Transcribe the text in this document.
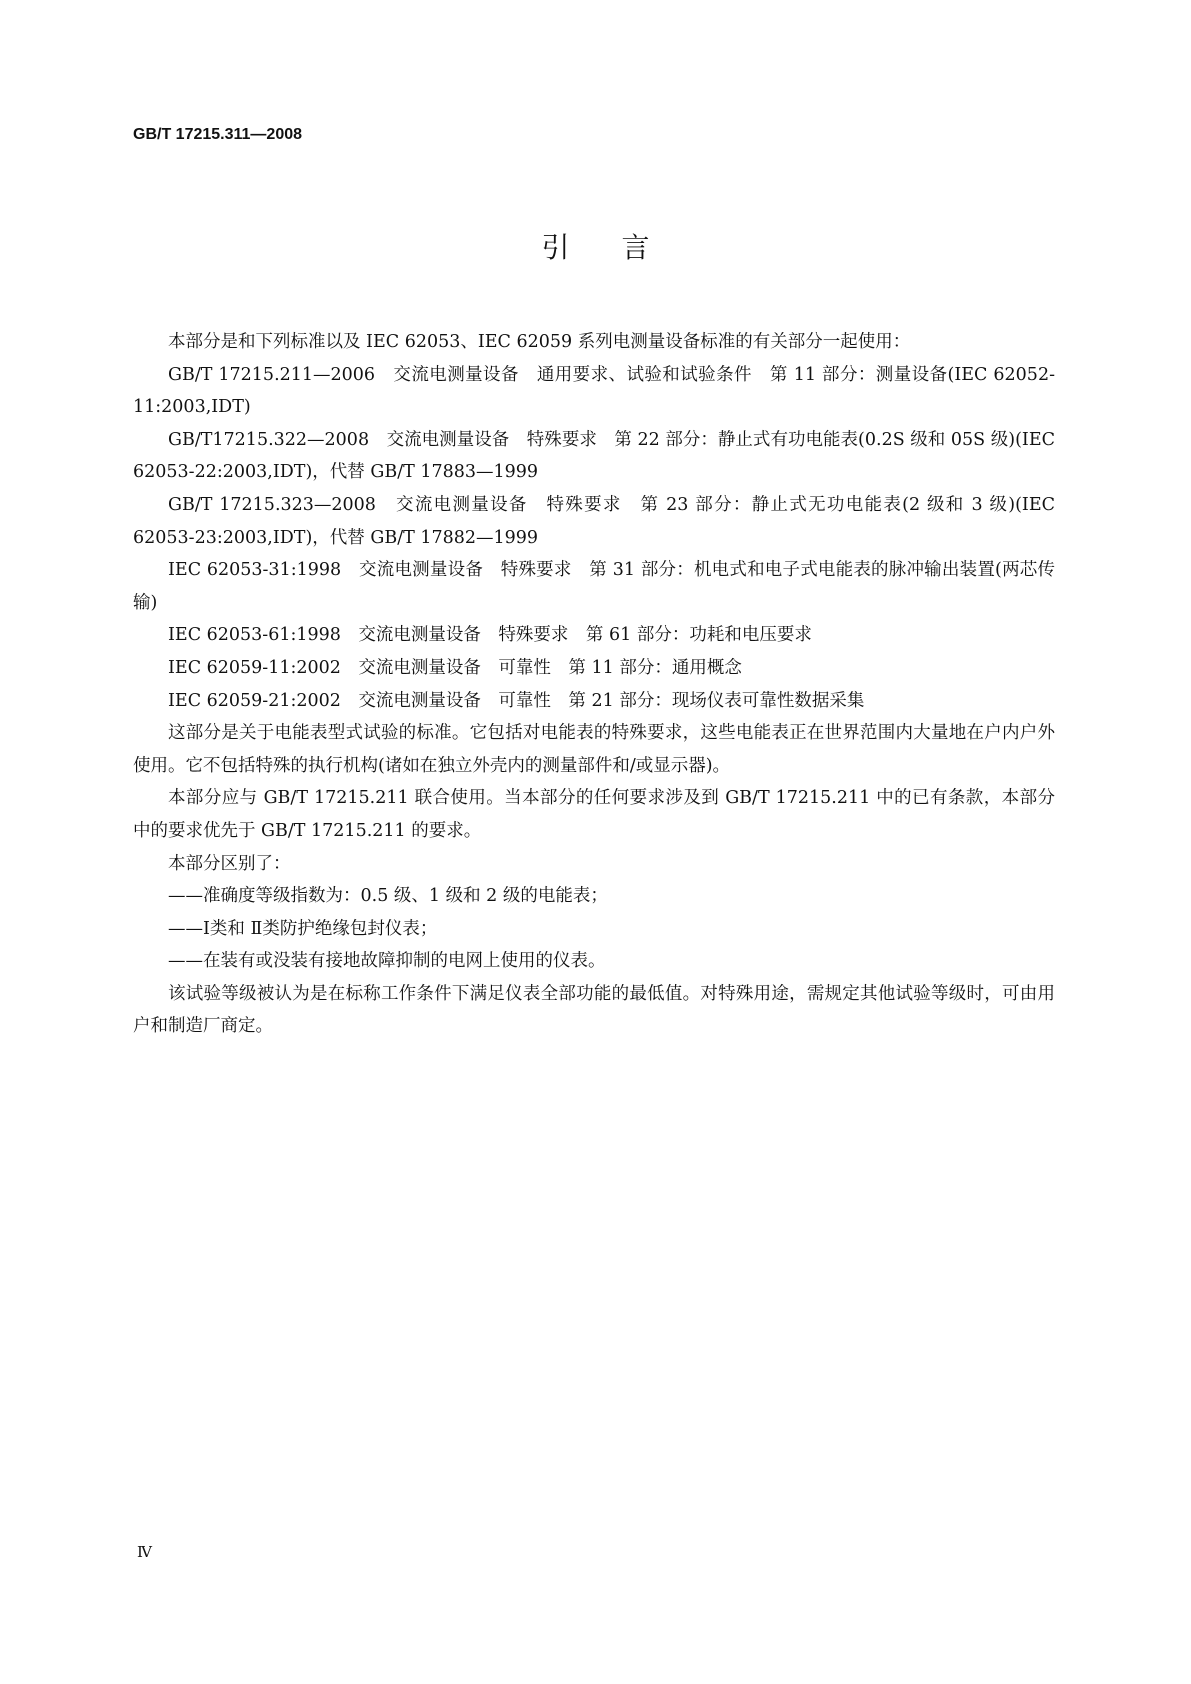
GB/T 17215.311—2008
引言

本部分是和下列标准以及 IEC 62053、IEC 62059 系列电测量设备标准的有关部分一起使用：

GB/T 17215.211—2006　交流电测量设备　通用要求、试验和试验条件　第 11 部分：测量设备(IEC 62052-11:2003,IDT)

GB/T17215.322—2008　交流电测量设备　特殊要求　第 22 部分：静止式有功电能表(0.2S 级和 05S 级)(IEC 62053-22:2003,IDT)，代替 GB/T 17883—1999

GB/T 17215.323—2008　交流电测量设备　特殊要求　第 23 部分：静止式无功电能表(2 级和 3 级)(IEC 62053-23:2003,IDT)，代替 GB/T 17882—1999

IEC 62053-31:1998　交流电测量设备　特殊要求　第 31 部分：机电式和电子式电能表的脉冲输出装置(两芯传输)

IEC 62053-61:1998　交流电测量设备　特殊要求　第 61 部分：功耗和电压要求

IEC 62059-11:2002　交流电测量设备　可靠性　第 11 部分：通用概念

IEC 62059-21:2002　交流电测量设备　可靠性　第 21 部分：现场仪表可靠性数据采集

这部分是关于电能表型式试验的标准。它包括对电能表的特殊要求，这些电能表正在世界范围内大量地在户内户外使用。它不包括特殊的执行机构(诸如在独立外壳内的测量部件和/或显示器)。

本部分应与 GB/T 17215.211 联合使用。当本部分的任何要求涉及到 GB/T 17215.211 中的已有条款，本部分中的要求优先于 GB/T 17215.211 的要求。

本部分区别了：

——准确度等级指数为：0.5 级、1 级和 2 级的电能表；

——Ⅰ类和 Ⅱ类防护绝缘包封仪表；

——在装有或没装有接地故障抑制的电网上使用的仪表。

该试验等级被认为是在标称工作条件下满足仪表全部功能的最低值。对特殊用途，需规定其他试验等级时，可由用户和制造厂商定。

Ⅳ
